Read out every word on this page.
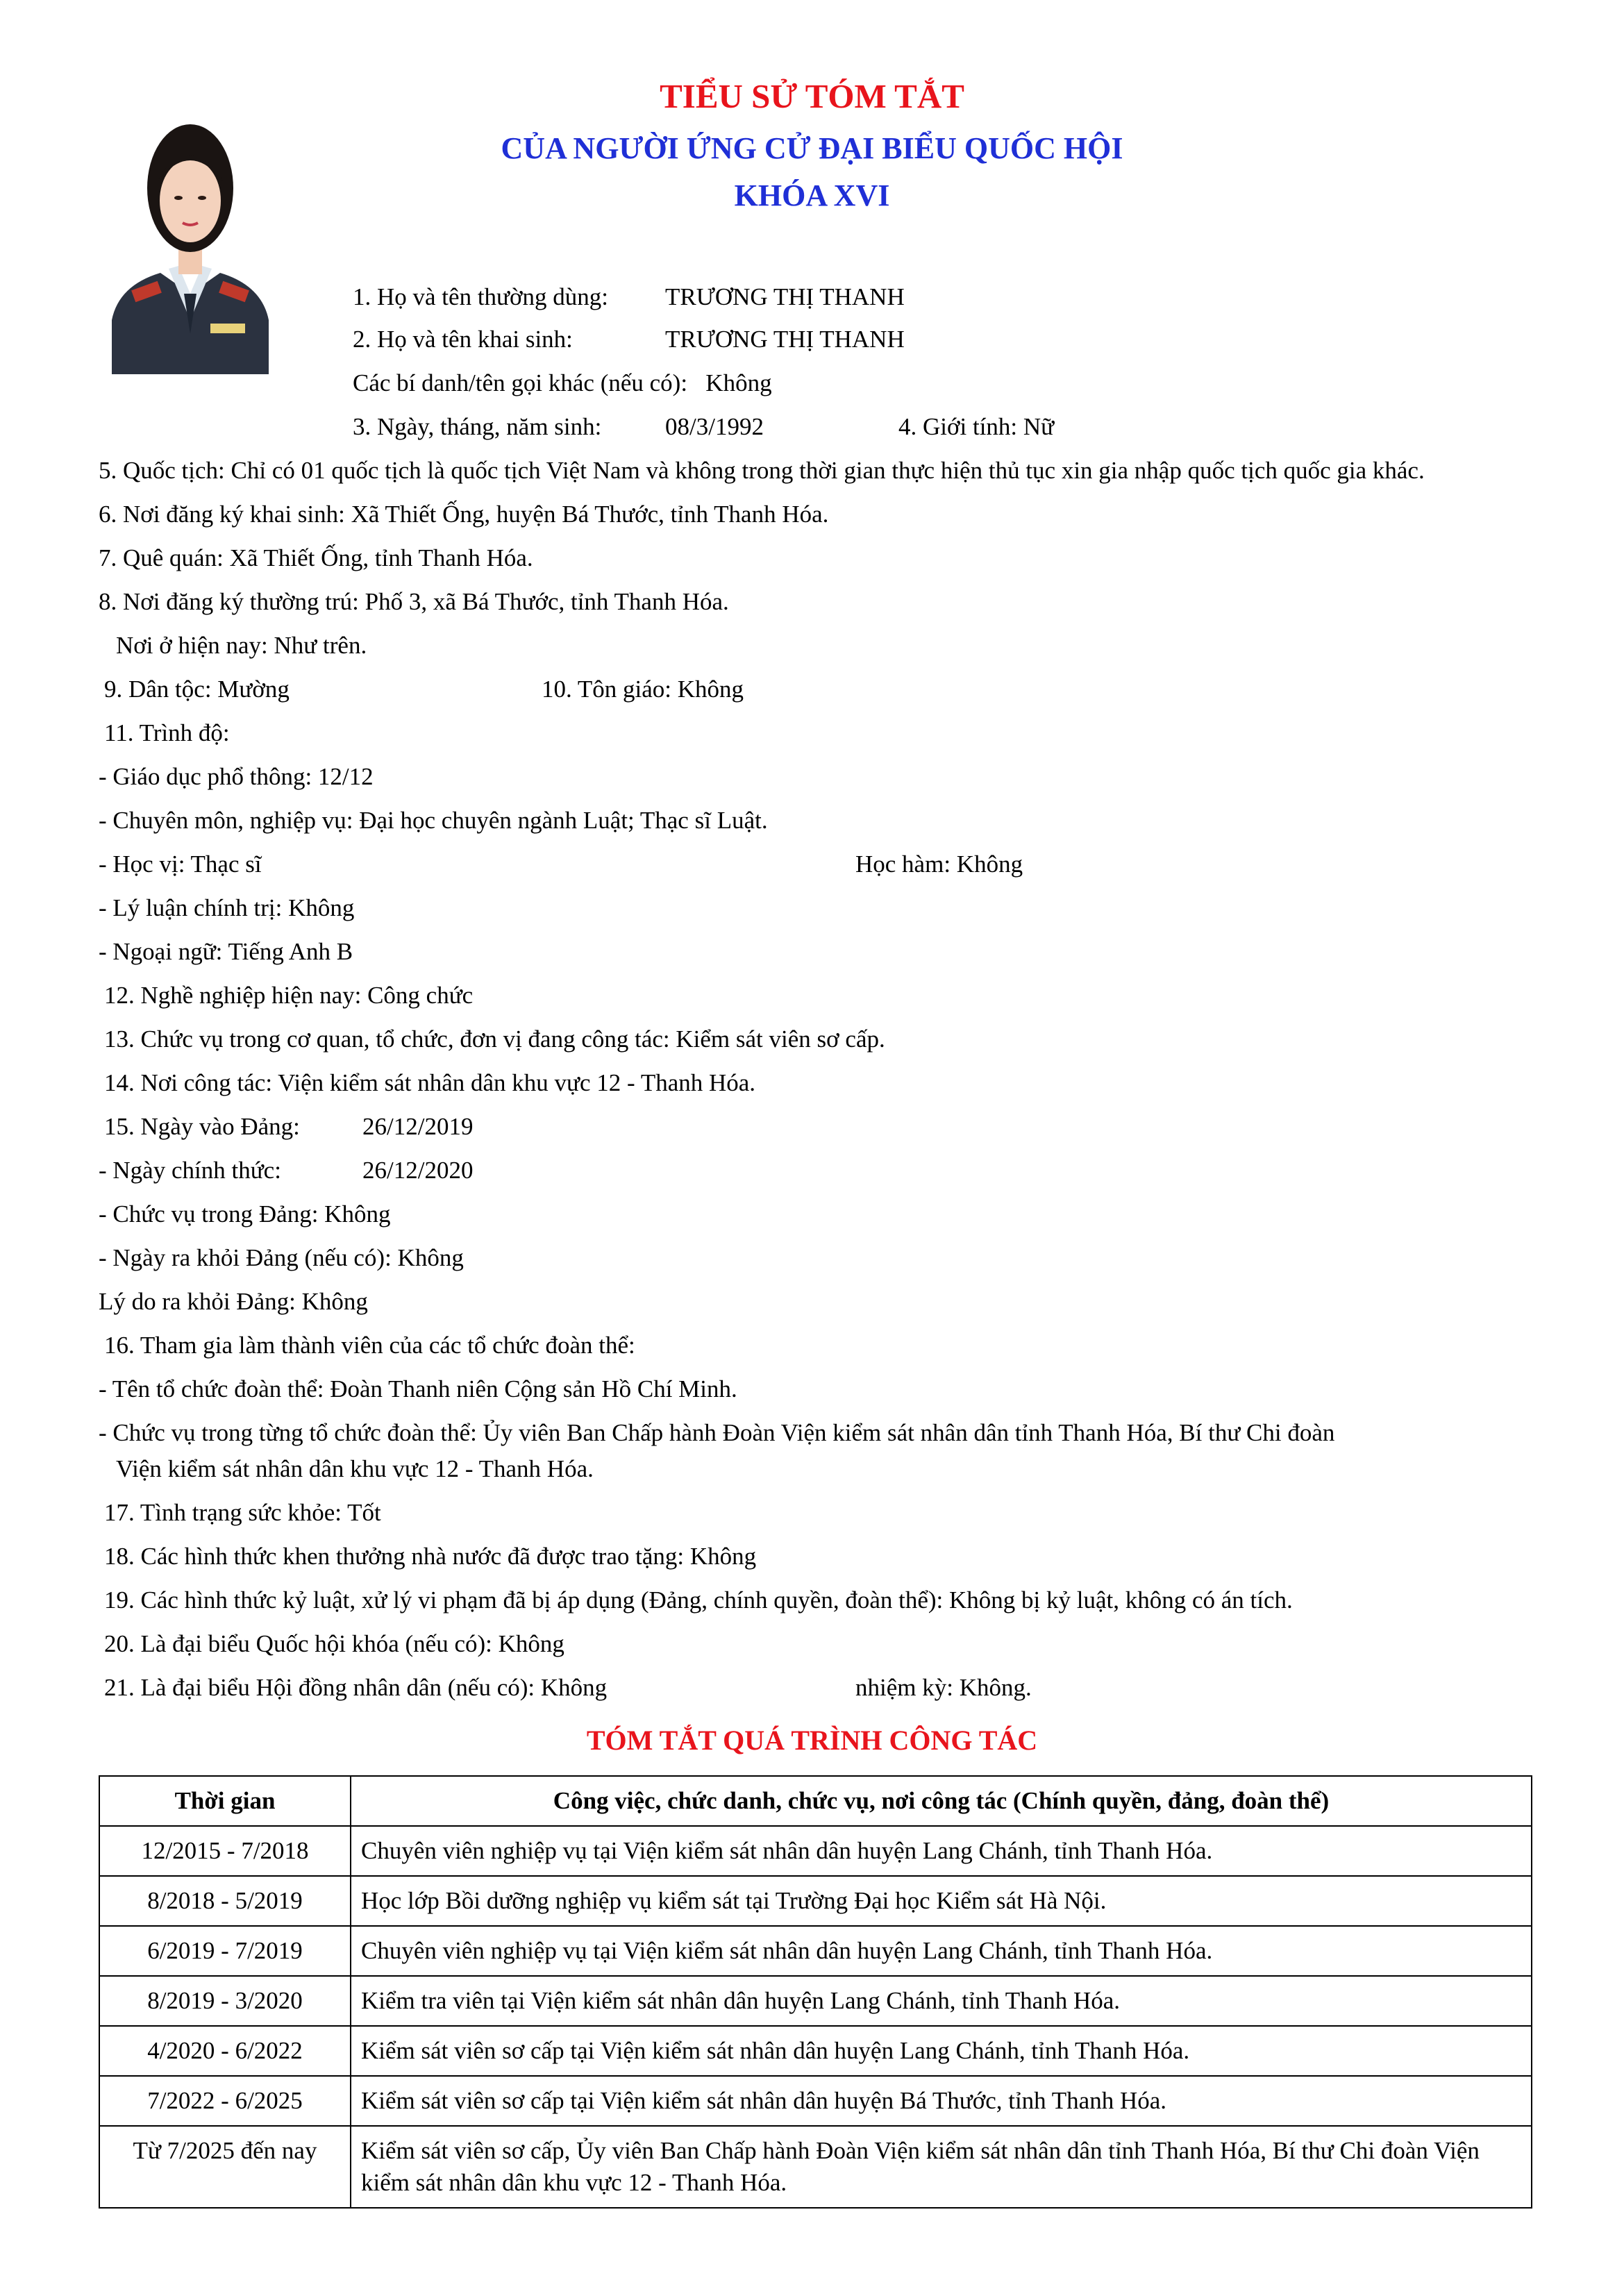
TIỂU SỬ TÓM TẮT
CỦA NGƯỜI ỨNG CỬ ĐẠI BIỂU QUỐC HỘI
KHÓA XVI
1. Họ và tên thường dùng: TRƯƠNG THỊ THANH
2. Họ và tên khai sinh:	TRƯƠNG THỊ THANH
Các bí danh/tên gọi khác (nếu có):   Không
3. Ngày, tháng, năm sinh:	08/3/1992	4. Giới tính: Nữ
5. Quốc tịch: Chỉ có 01 quốc tịch là quốc tịch Việt Nam và không trong thời gian thực hiện thủ tục xin gia nhập quốc tịch quốc gia khác.
6. Nơi đăng ký khai sinh: Xã Thiết Ống, huyện Bá Thước, tỉnh Thanh Hóa.
7. Quê quán: Xã Thiết Ống, tỉnh Thanh Hóa.
8. Nơi đăng ký thường trú: Phố 3, xã Bá Thước, tỉnh Thanh Hóa.
Nơi ở hiện nay: Như trên.
9. Dân tộc: Mường	10. Tôn giáo: Không
11. Trình độ:
- Giáo dục phổ thông: 12/12
- Chuyên môn, nghiệp vụ: Đại học chuyên ngành Luật; Thạc sĩ Luật.
- Học vị: Thạc sĩ	Học hàm: Không
- Lý luận chính trị: Không
- Ngoại ngữ: Tiếng Anh B
12. Nghề nghiệp hiện nay: Công chức
13. Chức vụ trong cơ quan, tổ chức, đơn vị đang công tác: Kiểm sát viên sơ cấp.
14. Nơi công tác: Viện kiểm sát nhân dân khu vực 12 - Thanh Hóa.
15. Ngày vào Đảng:	26/12/2019
- Ngày chính thức:	26/12/2020
- Chức vụ trong Đảng: Không
- Ngày ra khỏi Đảng (nếu có): Không
Lý do ra khỏi Đảng: Không
16. Tham gia làm thành viên của các tổ chức đoàn thể:
- Tên tổ chức đoàn thể: Đoàn Thanh niên Cộng sản Hồ Chí Minh.
- Chức vụ trong từng tổ chức đoàn thể: Ủy viên Ban Chấp hành Đoàn Viện kiểm sát nhân dân tỉnh Thanh Hóa, Bí thư Chi đoàn
Viện kiểm sát nhân dân khu vực 12 - Thanh Hóa.
17. Tình trạng sức khỏe: Tốt
18. Các hình thức khen thưởng nhà nước đã được trao tặng: Không
19. Các hình thức kỷ luật, xử lý vi phạm đã bị áp dụng (Đảng, chính quyền, đoàn thể): Không bị kỷ luật, không có án tích.
20. Là đại biểu Quốc hội khóa (nếu có): Không
21. Là đại biểu Hội đồng nhân dân (nếu có): Không	nhiệm kỳ: Không.
TÓM TẮT QUÁ TRÌNH CÔNG TÁC
Thời gian	Công việc, chức danh, chức vụ, nơi công tác (Chính quyền, đảng, đoàn thể)
12/2015 - 7/2018	Chuyên viên nghiệp vụ tại Viện kiểm sát nhân dân huyện Lang Chánh, tỉnh Thanh Hóa.
8/2018 - 5/2019	Học lớp Bồi dưỡng nghiệp vụ kiểm sát tại Trường Đại học Kiểm sát Hà Nội.
6/2019 - 7/2019	Chuyên viên nghiệp vụ tại Viện kiểm sát nhân dân huyện Lang Chánh, tỉnh Thanh Hóa.
8/2019 - 3/2020	Kiểm tra viên tại Viện kiểm sát nhân dân huyện Lang Chánh, tỉnh Thanh Hóa.
4/2020 - 6/2022	Kiểm sát viên sơ cấp tại Viện kiểm sát nhân dân huyện Lang Chánh, tỉnh Thanh Hóa.
7/2022 - 6/2025	Kiểm sát viên sơ cấp tại Viện kiểm sát nhân dân huyện Bá Thước, tỉnh Thanh Hóa.
Từ 7/2025 đến nay	Kiểm sát viên sơ cấp, Ủy viên Ban Chấp hành Đoàn Viện kiểm sát nhân dân tỉnh Thanh Hóa, Bí thư Chi đoàn Viện kiểm sát nhân dân khu vực 12 - Thanh Hóa.
